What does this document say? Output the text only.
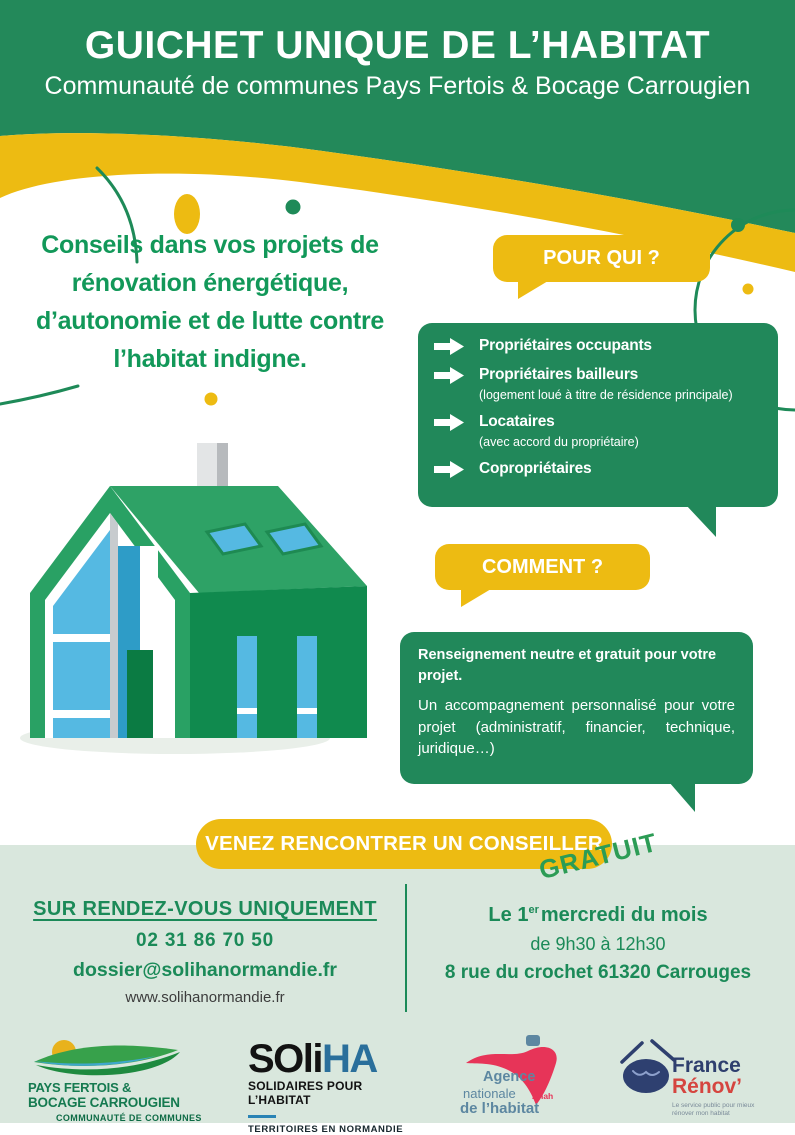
GUICHET UNIQUE DE L’HABITAT
Communauté de communes Pays Fertois & Bocage Carrougien
Conseils dans vos projets de
rénovation énergétique,
d’autonomie et de lutte contre
l’habitat indigne.
POUR QUI ?
Propriétaires occupants
Propriétaires bailleurs
(logement loué à titre de résidence principale)
Locataires
(avec accord du propriétaire)
Copropriétaires
COMMENT ?

Renseignement neutre et gratuit pour votre projet.

Un accompagnement personnalisé pour votre projet (administratif, financier, technique, juridique…)

VENEZ RENCONTRER UN CONSEILLER
GRATUIT
SUR RENDEZ-VOUS UNIQUEMENT
02 31 86 70 50
dossier@solihanormandie.fr
www.solihanormandie.fr
Le 1er mercredi du mois
de 9h30 à 12h30
8 rue du crochet 61320 Carrouges
PAYS FERTOIS &
BOCAGE CARROUGIEN
COMMUNAUTÉ DE COMMUNES
SOliHA
SOLIDAIRES POUR L’HABITAT
TERRITOIRES EN NORMANDIE
Agence
nationale
de l’habitat
Anah
France
Rénov’
Le service public pour mieux
rénover mon habitat
